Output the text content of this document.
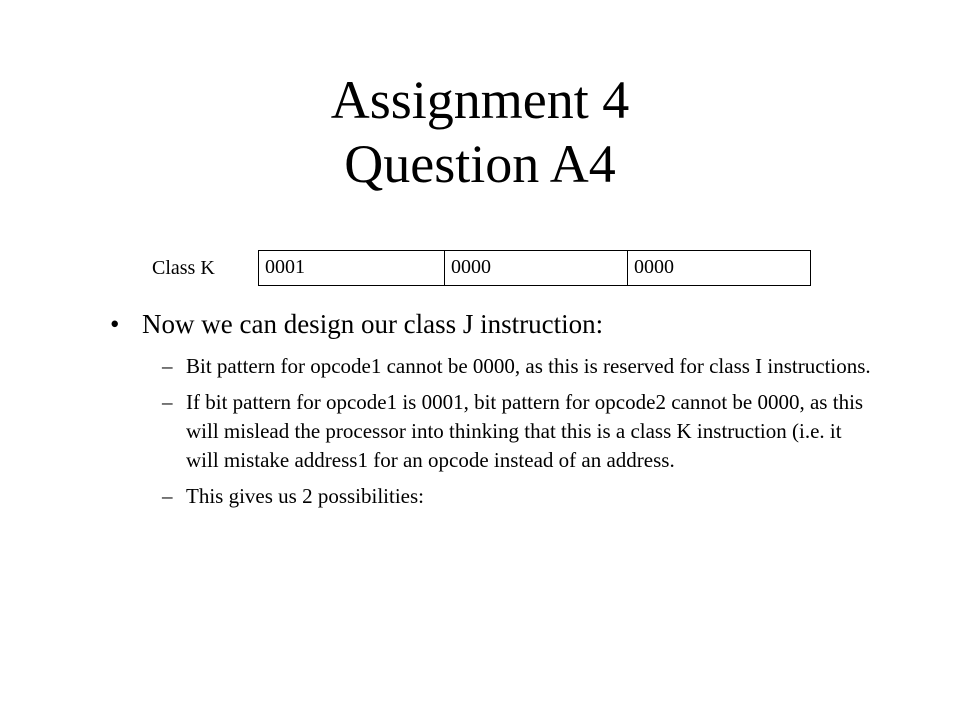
Assignment 4
Question A4
Class K	0001	0000	0000
• Now we can design our class J instruction:
– Bit pattern for opcode1 cannot be 0000, as this is reserved for class I instructions.
– If bit pattern for opcode1 is 0001, bit pattern for opcode2 cannot be 0000, as this will mislead the processor into thinking that this is a class K instruction (i.e. it will mistake address1 for an opcode instead of an address.
– This gives us 2 possibilities:
